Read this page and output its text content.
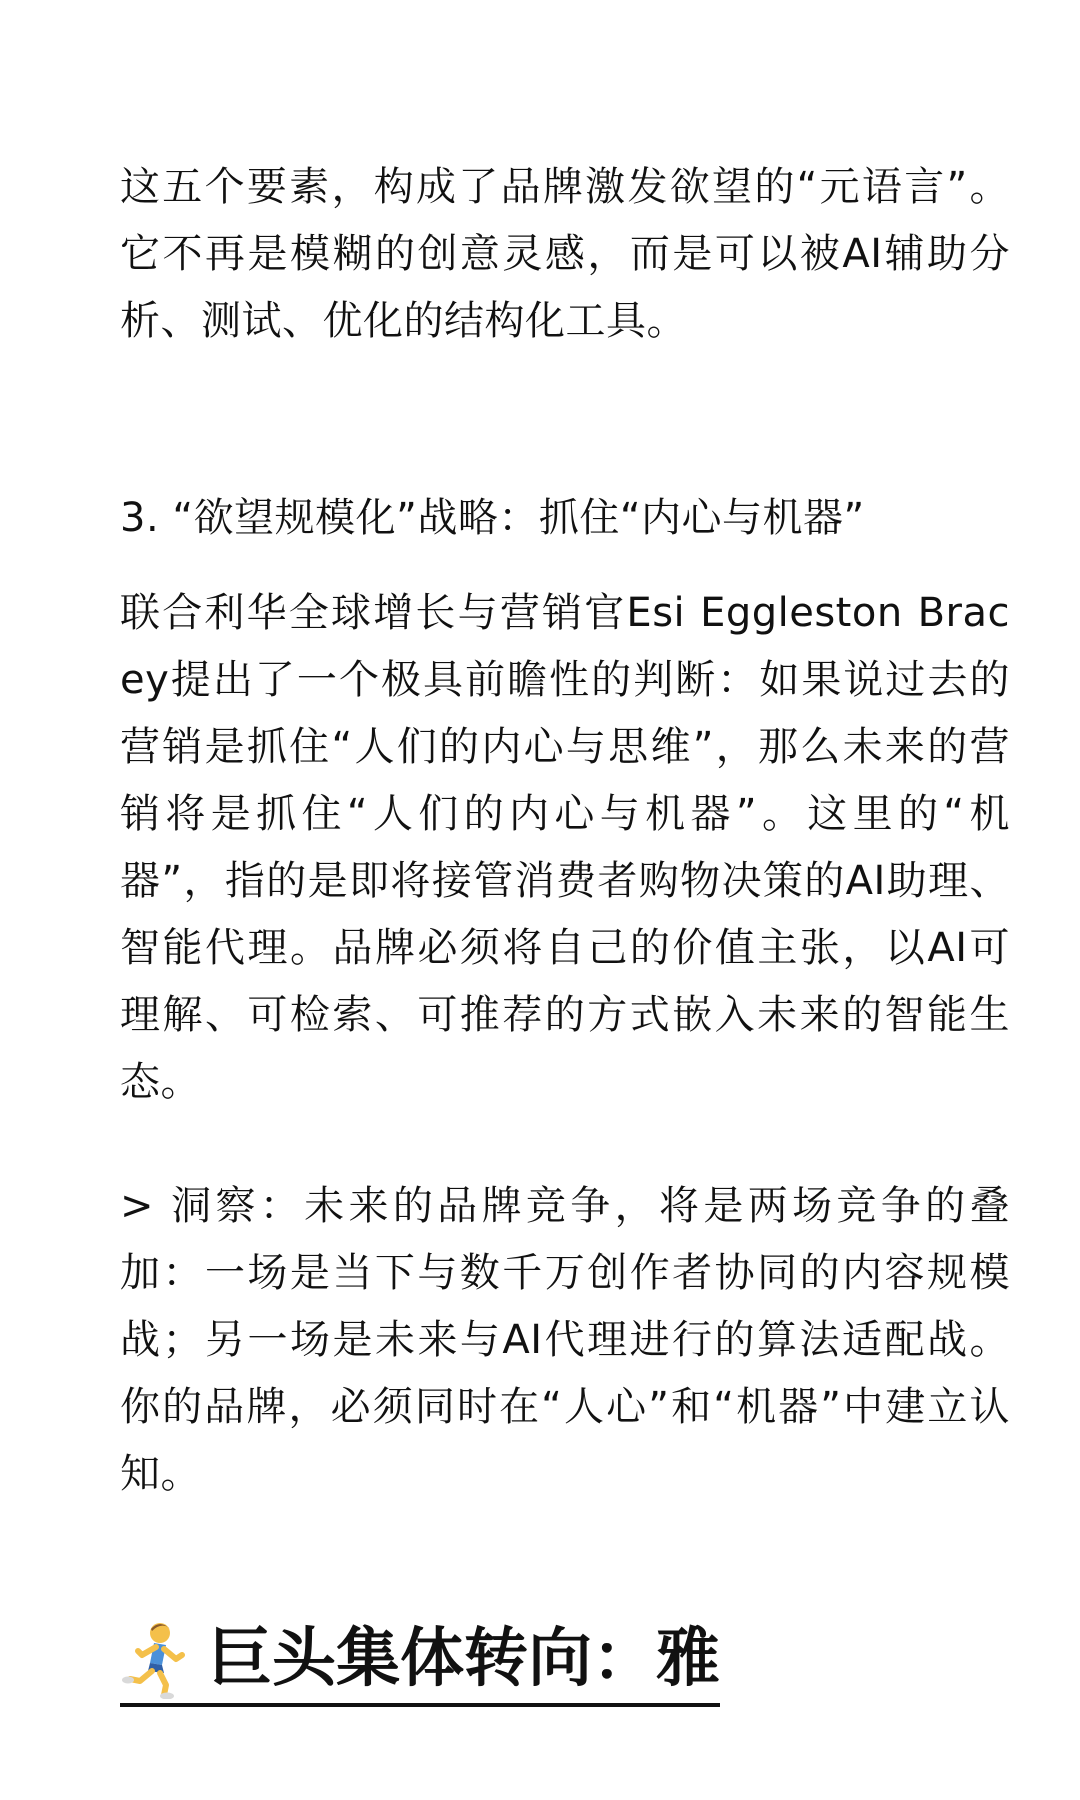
这五个要素，构成了品牌激发欲望的“元语言”。它不再是模糊的创意灵感，而是可以被AI辅助分析、测试、优化的结构化工具。

3. “欲望规模化”战略：抓住“内心与机器”

联合利华全球增长与营销官Esi Eggleston Bracey提出了一个极具前瞻性的判断：如果说过去的营销是抓住“人们的内心与思维”，那么未来的营销将是抓住“人们的内心与机器”。这里的“机器”，指的是即将接管消费者购物决策的AI助理、智能代理。品牌必须将自己的价值主张，以AI可理解、可检索、可推荐的方式嵌入未来的智能生态。

> 洞察：未来的品牌竞争，将是两场竞争的叠加：一场是当下与数千万创作者协同的内容规模战；另一场是未来与AI代理进行的算法适配战。你的品牌，必须同时在“人心”和“机器”中建立认知。

巨头集体转向：雅
